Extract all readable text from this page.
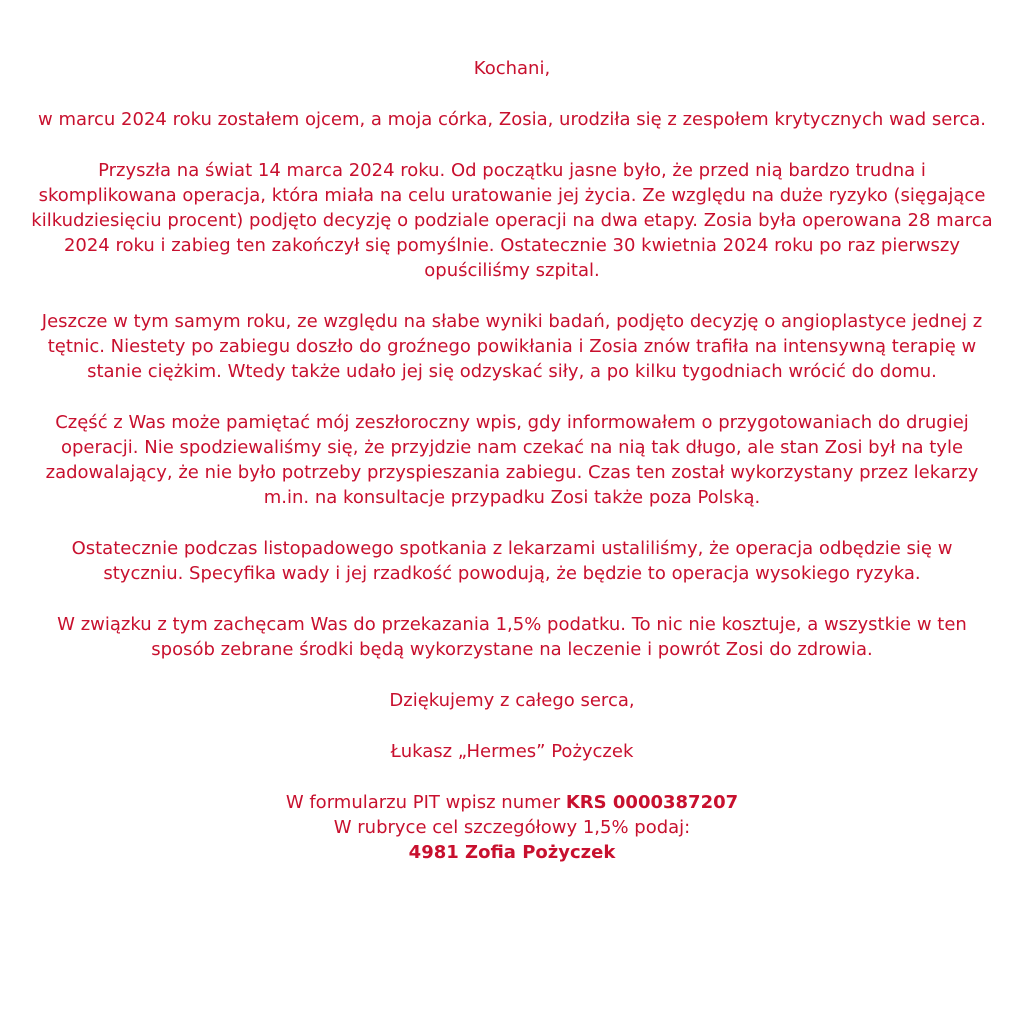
Kochani,

w marcu 2024 roku zostałem ojcem, a moja córka, Zosia, urodziła się z zespołem krytycznych wad serca.

Przyszła na świat 14 marca 2024 roku. Od początku jasne było, że przed nią bardzo trudna i skomplikowana operacja, która miała na celu uratowanie jej życia. Ze względu na duże ryzyko (sięgające kilkudziesięciu procent) podjęto decyzję o podziale operacji na dwa etapy. Zosia była operowana 28 marca 2024 roku i zabieg ten zakończył się pomyślnie. Ostatecznie 30 kwietnia 2024 roku po raz pierwszy opuściliśmy szpital.

Jeszcze w tym samym roku, ze względu na słabe wyniki badań, podjęto decyzję o angioplastyce jednej z tętnic. Niestety po zabiegu doszło do groźnego powikłania i Zosia znów trafiła na intensywną terapię w stanie ciężkim. Wtedy także udało jej się odzyskać siły, a po kilku tygodniach wrócić do domu.

Część z Was może pamiętać mój zeszłoroczny wpis, gdy informowałem o przygotowaniach do drugiej operacji. Nie spodziewaliśmy się, że przyjdzie nam czekać na nią tak długo, ale stan Zosi był na tyle zadowalający, że nie było potrzeby przyspieszania zabiegu. Czas ten został wykorzystany przez lekarzy m.in. na konsultacje przypadku Zosi także poza Polską.

Ostatecznie podczas listopadowego spotkania z lekarzami ustaliliśmy, że operacja odbędzie się w styczniu. Specyfika wady i jej rzadkość powodują, że będzie to operacja wysokiego ryzyka.

W związku z tym zachęcam Was do przekazania 1,5% podatku. To nic nie kosztuje, a wszystkie w ten sposób zebrane środki będą wykorzystane na leczenie i powrót Zosi do zdrowia.

Dziękujemy z całego serca,

Łukasz „Hermes” Pożyczek

W formularzu PIT wpisz numer KRS 0000387207
W rubryce cel szczegółowy 1,5% podaj:
4981 Zofia Pożyczek
